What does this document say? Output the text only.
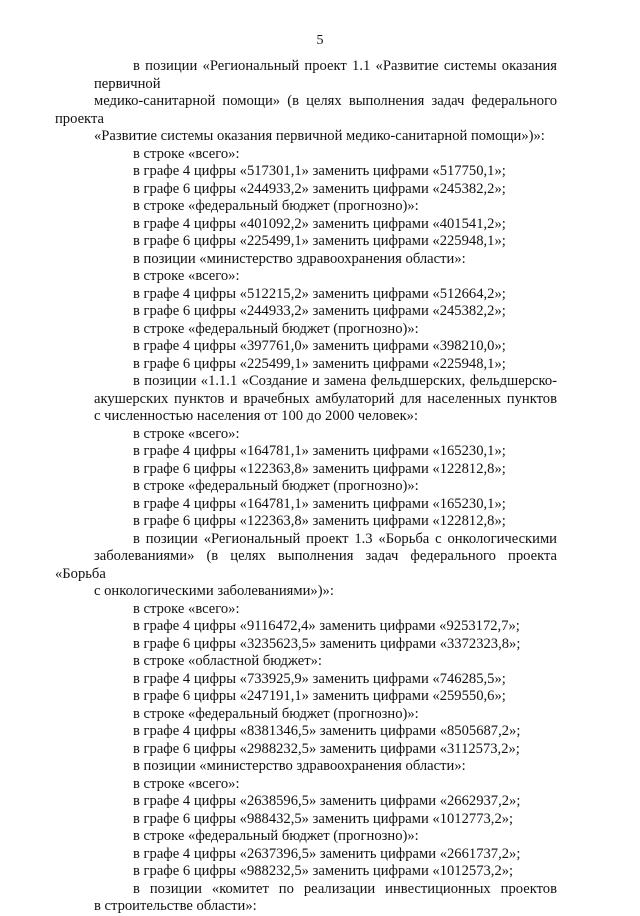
5
в позиции «Региональный проект 1.1 «Развитие системы оказания первичной
медико-санитарной помощи» (в целях выполнения задач федерального проекта
«Развитие системы оказания первичной медико-санитарной помощи»)»:
в строке «всего»:
в графе 4 цифры «517301,1» заменить цифрами «517750,1»;
в графе 6 цифры «244933,2» заменить цифрами «245382,2»;
в строке «федеральный бюджет (прогнозно)»:
в графе 4 цифры «401092,2» заменить цифрами «401541,2»;
в графе 6 цифры «225499,1» заменить цифрами «225948,1»;
в позиции «министерство здравоохранения области»:
в строке «всего»:
в графе 4 цифры «512215,2» заменить цифрами «512664,2»;
в графе 6 цифры «244933,2» заменить цифрами «245382,2»;
в строке «федеральный бюджет (прогнозно)»:
в графе 4 цифры «397761,0» заменить цифрами «398210,0»;
в графе 6 цифры «225499,1» заменить цифрами «225948,1»;
в позиции «1.1.1 «Создание и замена фельдшерских, фельдшерско-
акушерских пунктов и врачебных амбулаторий для населенных пунктов
с численностью населения от 100 до 2000 человек»:
в строке «всего»:
в графе 4 цифры «164781,1» заменить цифрами «165230,1»;
в графе 6 цифры «122363,8» заменить цифрами «122812,8»;
в строке «федеральный бюджет (прогнозно)»:
в графе 4 цифры «164781,1» заменить цифрами «165230,1»;
в графе 6 цифры «122363,8» заменить цифрами «122812,8»;
в позиции «Региональный проект 1.3 «Борьба с онкологическими
заболеваниями» (в целях выполнения задач федерального проекта «Борьба
с онкологическими заболеваниями»)»:
в строке «всего»:
в графе 4 цифры «9116472,4» заменить цифрами «9253172,7»;
в графе 6 цифры «3235623,5» заменить цифрами «3372323,8»;
в строке «областной бюджет»:
в графе 4 цифры «733925,9» заменить цифрами «746285,5»;
в графе 6 цифры «247191,1» заменить цифрами «259550,6»;
в строке «федеральный бюджет (прогнозно)»:
в графе 4 цифры «8381346,5» заменить цифрами «8505687,2»;
в графе 6 цифры «2988232,5» заменить цифрами «3112573,2»;
в позиции «министерство здравоохранения области»:
в строке «всего»:
в графе 4 цифры «2638596,5» заменить цифрами «2662937,2»;
в графе 6 цифры «988432,5» заменить цифрами «1012773,2»;
в строке «федеральный бюджет (прогнозно)»:
в графе 4 цифры «2637396,5» заменить цифрами «2661737,2»;
в графе 6 цифры «988232,5» заменить цифрами «1012573,2»;
в позиции «комитет по реализации инвестиционных проектов
в строительстве области»:
